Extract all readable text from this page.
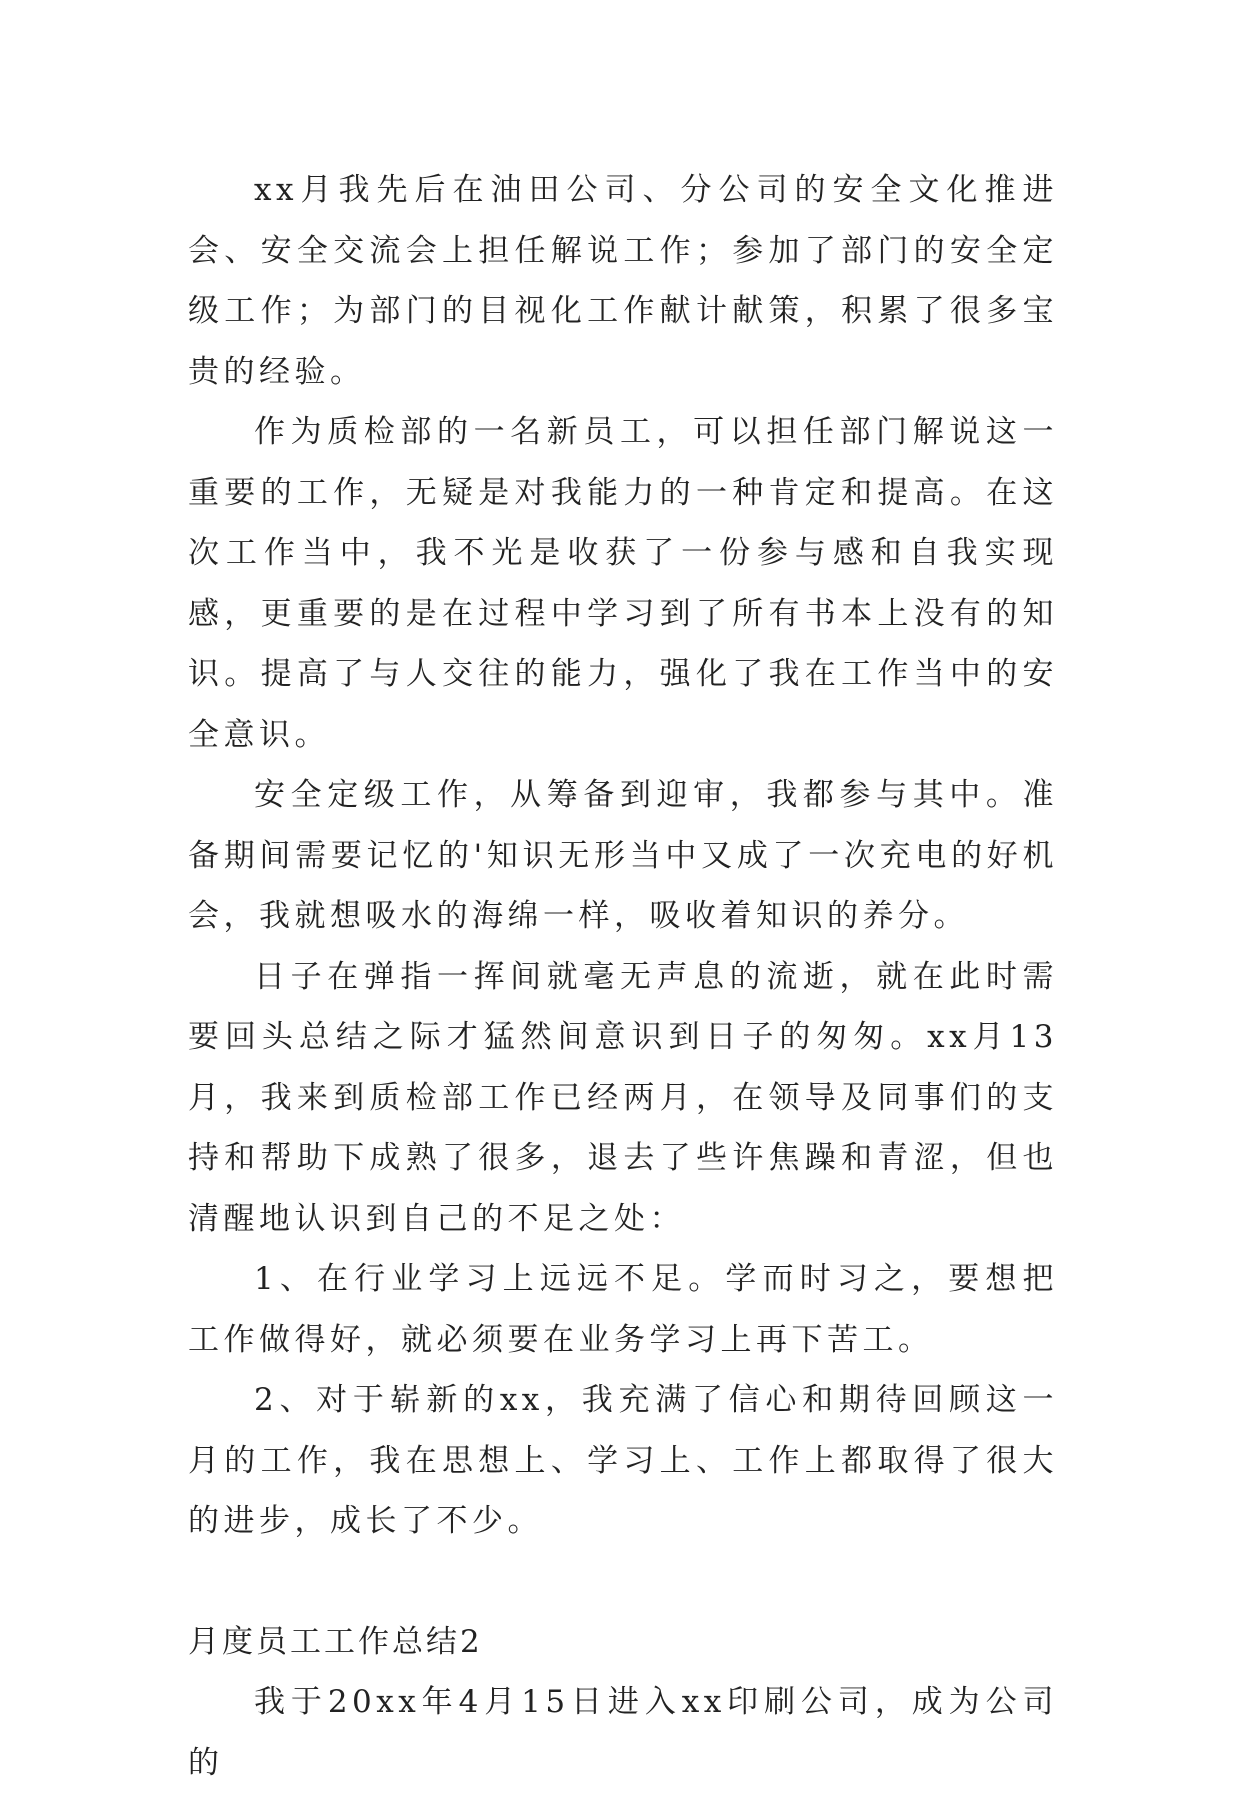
xx月我先后在油田公司、分公司的安全文化推进会、安全交流会上担任解说工作；参加了部门的安全定级工作；为部门的目视化工作献计献策，积累了很多宝贵的经验。

作为质检部的一名新员工，可以担任部门解说这一重要的工作，无疑是对我能力的一种肯定和提高。在这次工作当中，我不光是收获了一份参与感和自我实现感，更重要的是在过程中学习到了所有书本上没有的知识。提高了与人交往的能力，强化了我在工作当中的安全意识。

安全定级工作，从筹备到迎审，我都参与其中。准备期间需要记忆的'知识无形当中又成了一次充电的好机会，我就想吸水的海绵一样，吸收着知识的养分。

日子在弹指一挥间就毫无声息的流逝，就在此时需要回头总结之际才猛然间意识到日子的匆匆。xx月13月，我来到质检部工作已经两月，在领导及同事们的支持和帮助下成熟了很多，退去了些许焦躁和青涩，但也清醒地认识到自己的不足之处：

1、在行业学习上远远不足。学而时习之，要想把工作做得好，就必须要在业务学习上再下苦工。

2、对于崭新的xx，我充满了信心和期待回顾这一月的工作，我在思想上、学习上、工作上都取得了很大的进步，成长了不少。

月度员工工作总结2

我于20xx年4月15日进入xx印刷公司，成为公司的
